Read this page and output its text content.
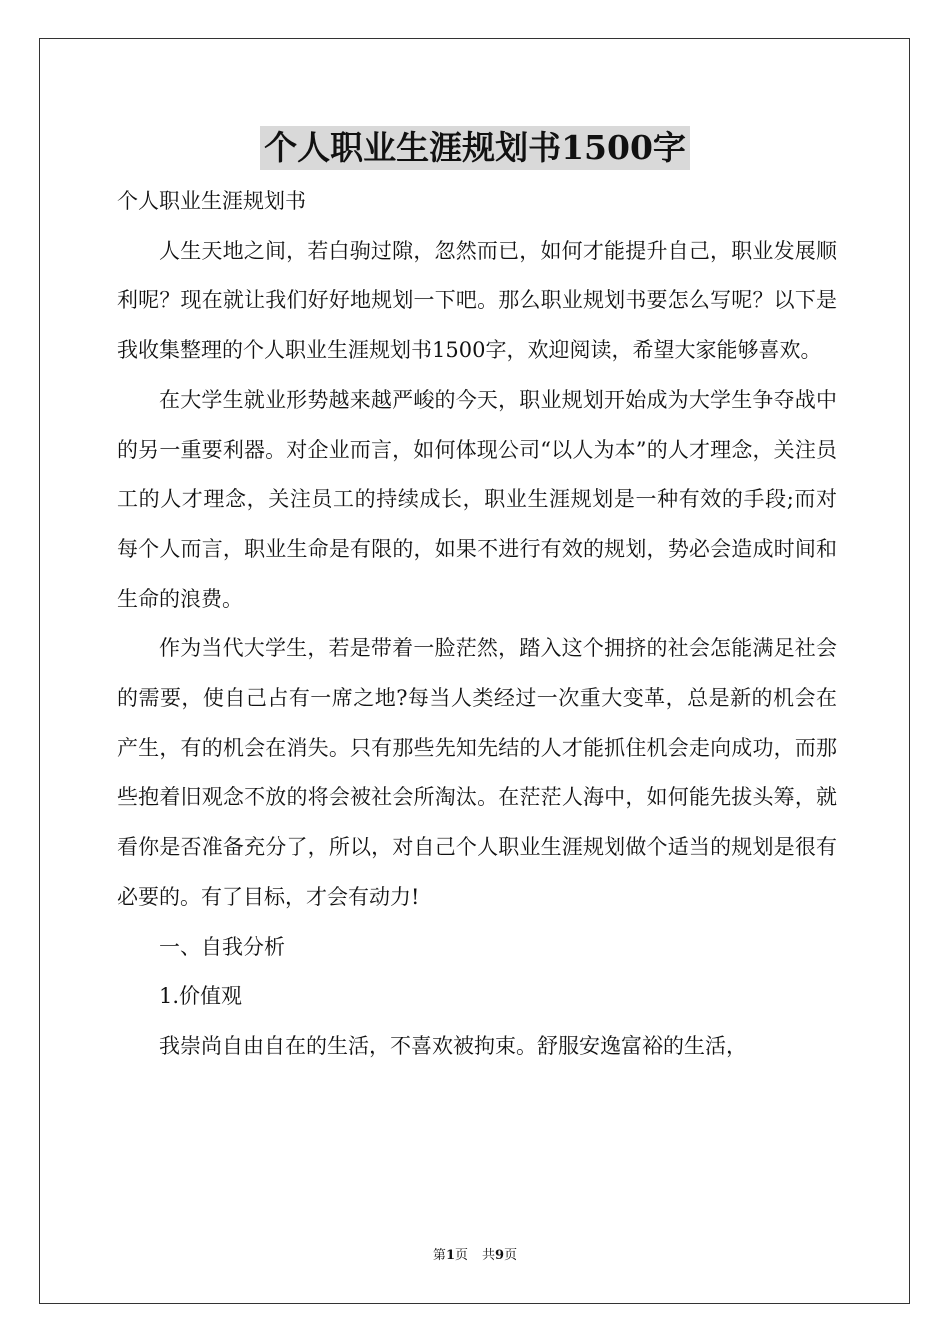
个人职业生涯规划书1500字

个人职业生涯规划书

人生天地之间，若白驹过隙，忽然而已，如何才能提升自己，职业发展顺利呢？现在就让我们好好地规划一下吧。那么职业规划书要怎么写呢？以下是我收集整理的个人职业生涯规划书1500字，欢迎阅读，希望大家能够喜欢。

在大学生就业形势越来越严峻的今天，职业规划开始成为大学生争夺战中的另一重要利器。对企业而言，如何体现公司“以人为本”的人才理念，关注员工的人才理念，关注员工的持续成长，职业生涯规划是一种有效的手段;而对每个人而言，职业生命是有限的，如果不进行有效的规划，势必会造成时间和生命的浪费。

作为当代大学生，若是带着一脸茫然，踏入这个拥挤的社会怎能满足社会的需要，使自己占有一席之地?每当人类经过一次重大变革，总是新的机会在产生，有的机会在消失。只有那些先知先结的人才能抓住机会走向成功，而那些抱着旧观念不放的将会被社会所淘汰。在茫茫人海中，如何能先拔头筹，就看你是否准备充分了，所以，对自己个人职业生涯规划做个适当的规划是很有必要的。有了目标，才会有动力!

一、自我分析

1.价值观

我崇尚自由自在的生活，不喜欢被拘束。舒服安逸富裕的生活，

第1页 共9页
